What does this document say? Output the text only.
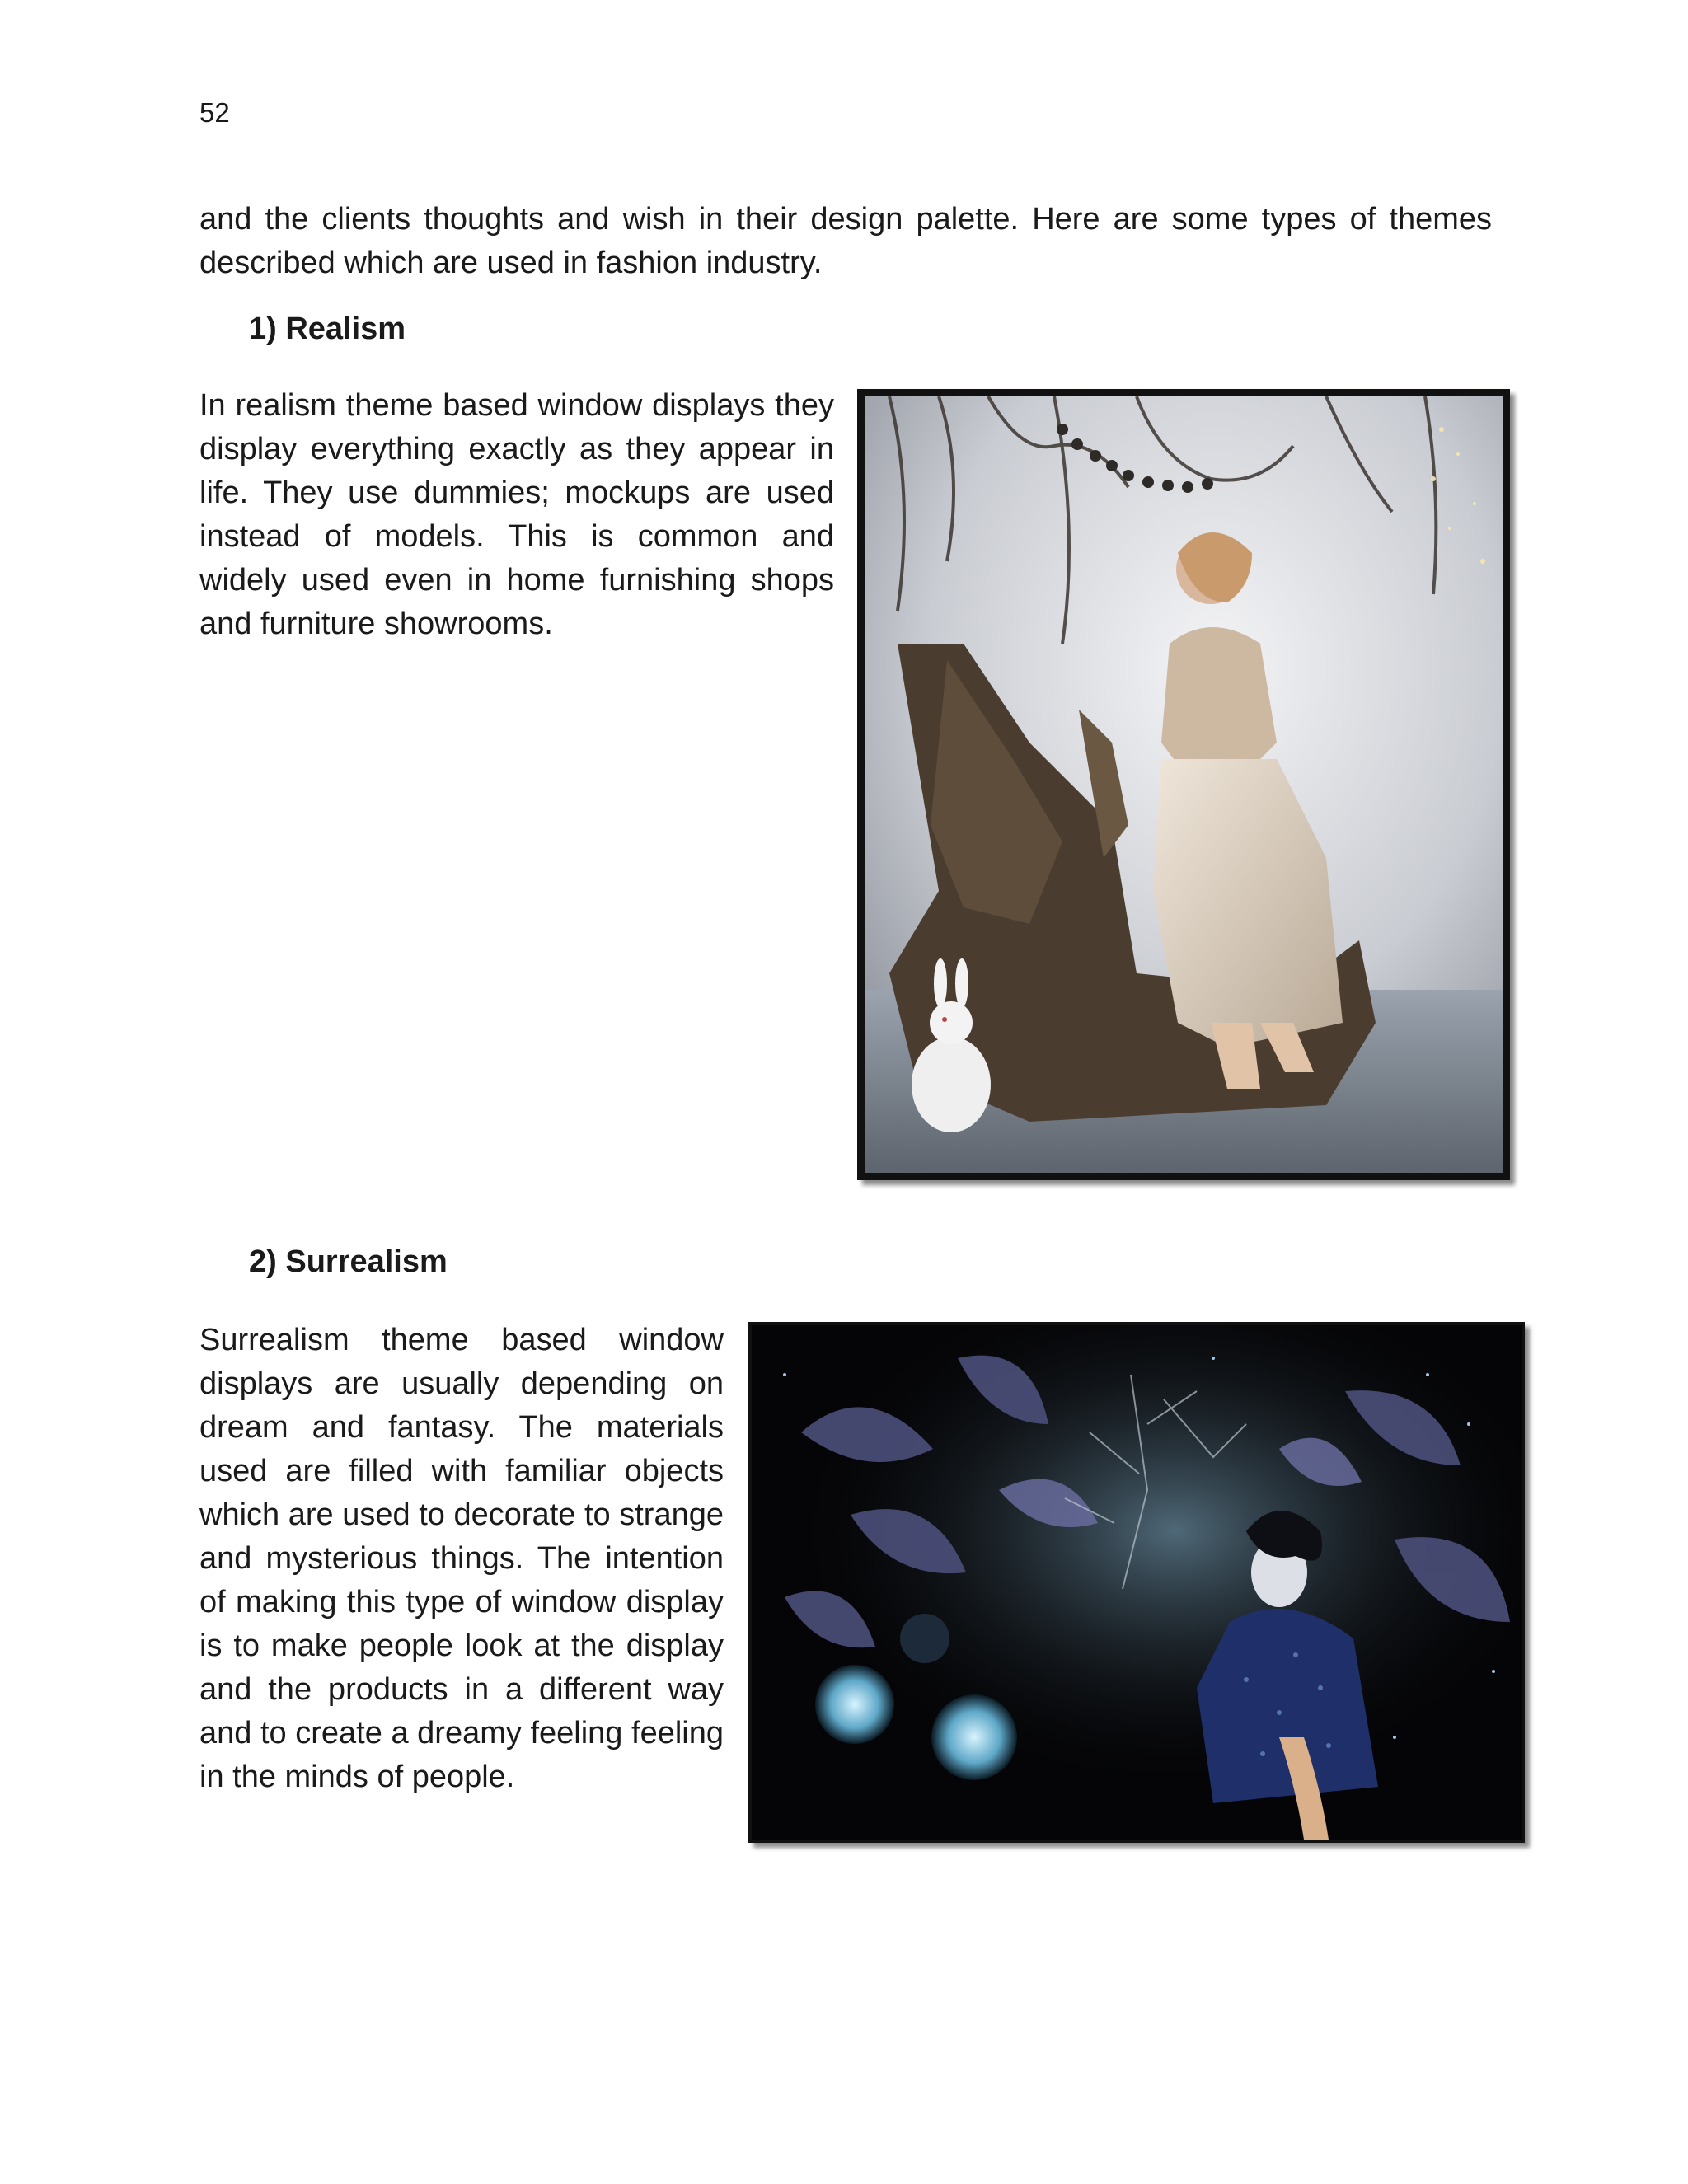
52

and the clients thoughts and wish in their design palette. Here are some types of themes described which are used in fashion industry.

1) Realism

In realism theme based window displays they display everything exactly as they appear in life. They use dummies; mockups are used instead of models. This is common and widely used even in home furnishing shops and furniture showrooms.

2) Surrealism

Surrealism theme based window displays are usually depending on dream and fantasy. The materials used are filled with familiar objects which are used to decorate to strange and mysterious things. The intention of making this type of window display is to make people look at the display and the products in a different way and to create a dreamy feeling feeling in the minds of people.
